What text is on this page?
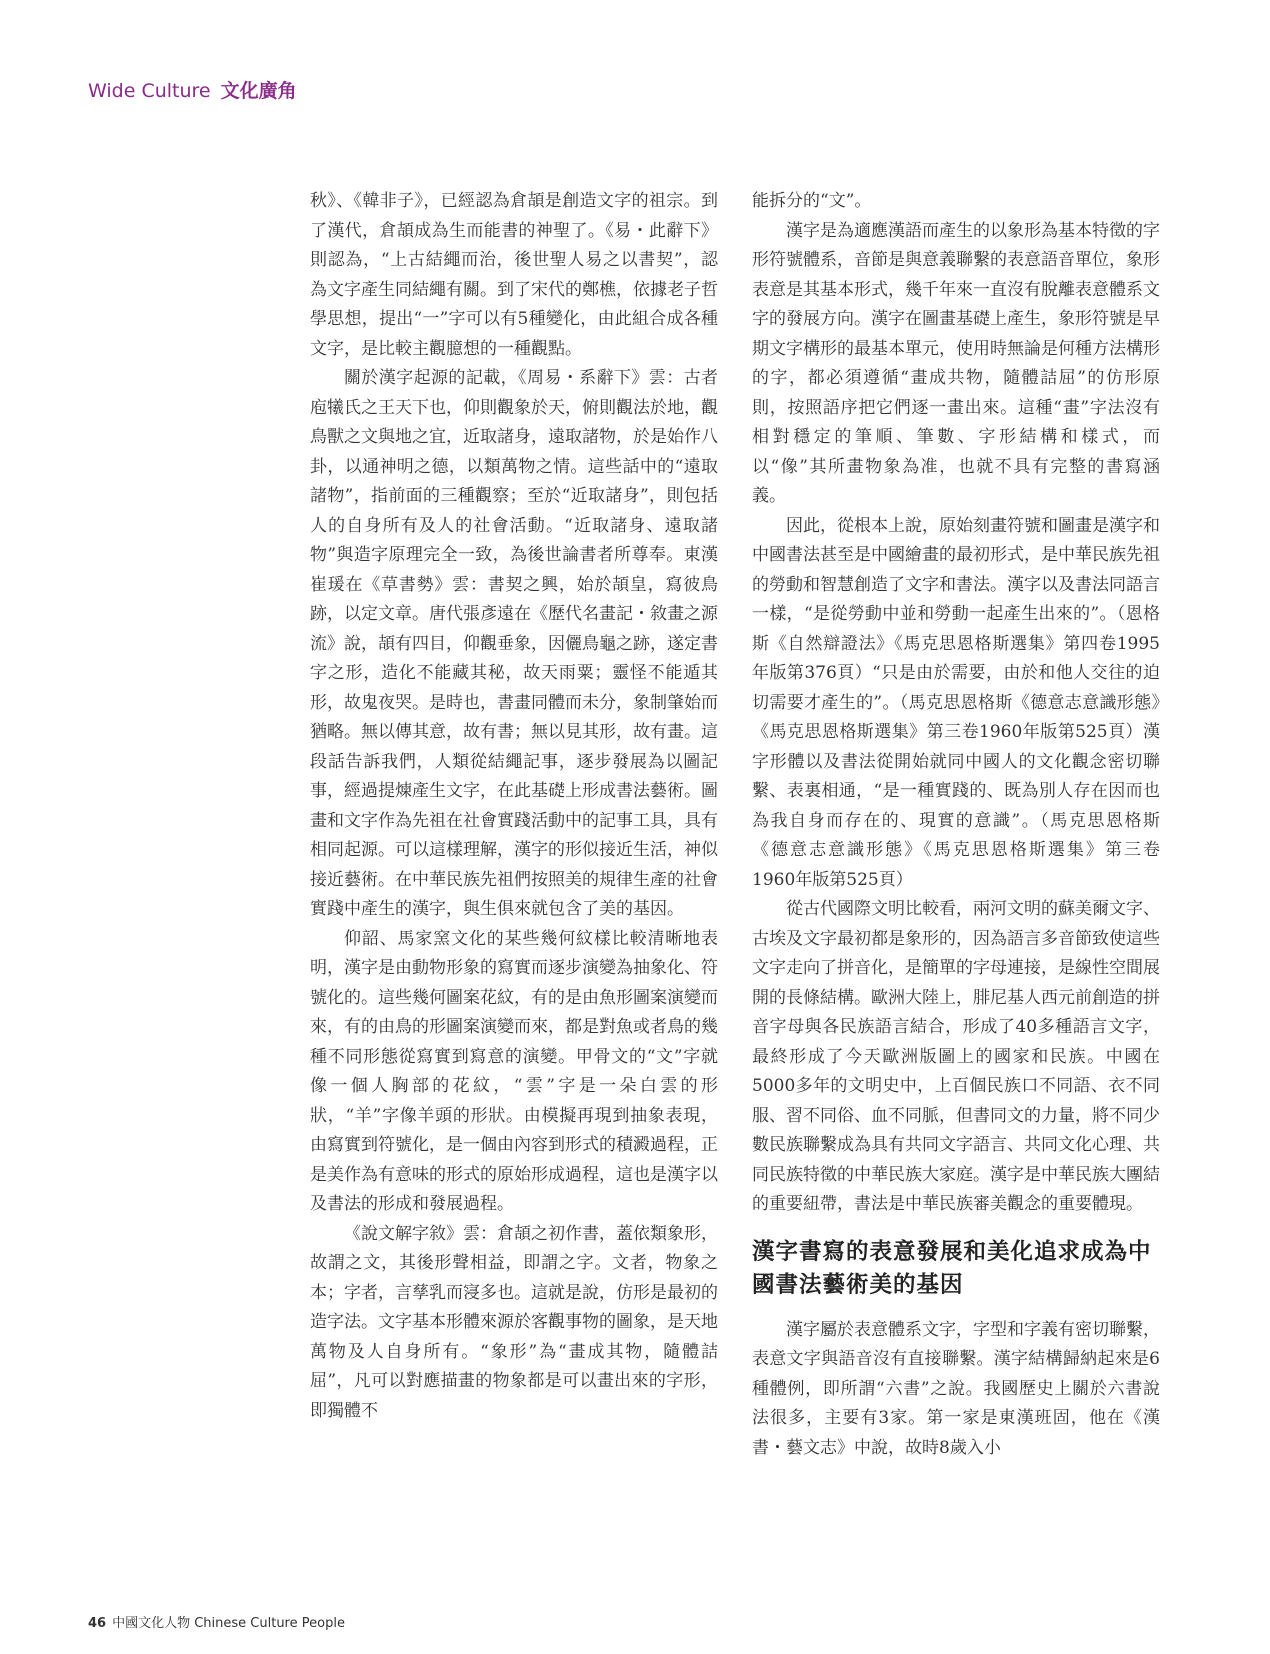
Wide Culture 文化廣角

秋》、《韓非子》，已經認為倉頡是創造文字的祖宗。到了漢代，倉頡成為生而能書的神聖了。《易・此辭下》則認為，“上古結繩而治，後世聖人易之以書契”，認為文字產生同結繩有關。到了宋代的鄭樵，依據老子哲學思想，提出“一”字可以有5種變化，由此組合成各種文字，是比較主觀臆想的一種觀點。

關於漢字起源的記載，《周易・系辭下》雲：古者庖犧氏之王天下也，仰則觀象於天，俯則觀法於地，觀鳥獸之文與地之宜，近取諸身，遠取諸物，於是始作八卦，以通神明之德，以類萬物之情。這些話中的“遠取諸物”，指前面的三種觀察；至於“近取諸身”，則包括人的自身所有及人的社會活動。“近取諸身、遠取諸物”與造字原理完全一致，為後世論書者所尊奉。東漢崔瑗在《草書勢》雲：書契之興，始於頡皇，寫彼鳥跡，以定文章。唐代張彥遠在《歷代名畫記・敘畫之源流》說，頡有四目，仰觀垂象，因儷鳥龜之跡，遂定書字之形，造化不能藏其秘，故天雨粟；靈怪不能遁其形，故鬼夜哭。是時也，書畫同體而未分，象制肇始而猶略。無以傳其意，故有書；無以見其形，故有畫。這段話告訴我們，人類從結繩記事，逐步發展為以圖記事，經過提煉產生文字，在此基礎上形成書法藝術。圖畫和文字作為先祖在社會實踐活動中的記事工具，具有相同起源。可以這樣理解，漢字的形似接近生活，神似接近藝術。在中華民族先祖們按照美的規律生產的社會實踐中產生的漢字，與生俱來就包含了美的基因。

仰韶、馬家窯文化的某些幾何紋樣比較清晰地表明，漢字是由動物形象的寫實而逐步演變為抽象化、符號化的。這些幾何圖案花紋，有的是由魚形圖案演變而來，有的由鳥的形圖案演變而來，都是對魚或者鳥的幾種不同形態從寫實到寫意的演變。甲骨文的“文”字就像一個人胸部的花紋，“雲”字是一朵白雲的形狀，“羊”字像羊頭的形狀。由模擬再現到抽象表現，由寫實到符號化，是一個由內容到形式的積澱過程，正是美作為有意味的形式的原始形成過程，這也是漢字以及書法的形成和發展過程。

《說文解字敘》雲：倉頡之初作書，蓋依類象形，故謂之文，其後形聲相益，即謂之字。文者，物象之本；字者，言孳乳而寖多也。這就是說，仿形是最初的造字法。文字基本形體來源於客觀事物的圖象，是天地萬物及人自身所有。“象形”為“畫成其物，隨體詰屈”，凡可以對應描畫的物象都是可以畫出來的字形，即獨體不

能拆分的“文”。

漢字是為適應漢語而產生的以象形為基本特徵的字形符號體系，音節是與意義聯繫的表意語音單位，象形表意是其基本形式，幾千年來一直沒有脫離表意體系文字的發展方向。漢字在圖畫基礎上產生，象形符號是早期文字構形的最基本單元，使用時無論是何種方法構形的字，都必須遵循“畫成共物，隨體詰屈”的仿形原則，按照語序把它們逐一畫出來。這種“畫”字法沒有相對穩定的筆順、筆數、字形結構和樣式，而以“像”其所畫物象為准，也就不具有完整的書寫涵義。

因此，從根本上說，原始刻畫符號和圖畫是漢字和中國書法甚至是中國繪畫的最初形式，是中華民族先祖的勞動和智慧創造了文字和書法。漢字以及書法同語言一樣，“是從勞動中並和勞動一起產生出來的”。（恩格斯《自然辯證法》《馬克思恩格斯選集》第四卷1995年版第376頁）“只是由於需要，由於和他人交往的迫切需要才產生的”。（馬克思恩格斯《德意志意識形態》《馬克思恩格斯選集》第三卷1960年版第525頁）漢字形體以及書法從開始就同中國人的文化觀念密切聯繫、表裏相通，“是一種實踐的、既為別人存在因而也為我自身而存在的、現實的意識”。（馬克思恩格斯《德意志意識形態》《馬克思恩格斯選集》第三卷1960年版第525頁）

從古代國際文明比較看，兩河文明的蘇美爾文字、古埃及文字最初都是象形的，因為語言多音節致使這些文字走向了拼音化，是簡單的字母連接，是線性空間展開的長條結構。歐洲大陸上，腓尼基人西元前創造的拼音字母與各民族語言結合，形成了40多種語言文字，最終形成了今天歐洲版圖上的國家和民族。中國在5000多年的文明史中，上百個民族口不同語、衣不同服、習不同俗、血不同脈，但書同文的力量，將不同少數民族聯繫成為具有共同文字語言、共同文化心理、共同民族特徵的中華民族大家庭。漢字是中華民族大團結的重要紐帶，書法是中華民族審美觀念的重要體現。

漢字書寫的表意發展和美化追求成為中國書法藝術美的基因

漢字屬於表意體系文字，字型和字義有密切聯繫，表意文字與語音沒有直接聯繫。漢字結構歸納起來是6種體例，即所謂“六書”之說。我國歷史上關於六書說法很多，主要有3家。第一家是東漢班固，他在《漢書・藝文志》中說，故時8歲入小

46 中國文化人物 Chinese Culture People
